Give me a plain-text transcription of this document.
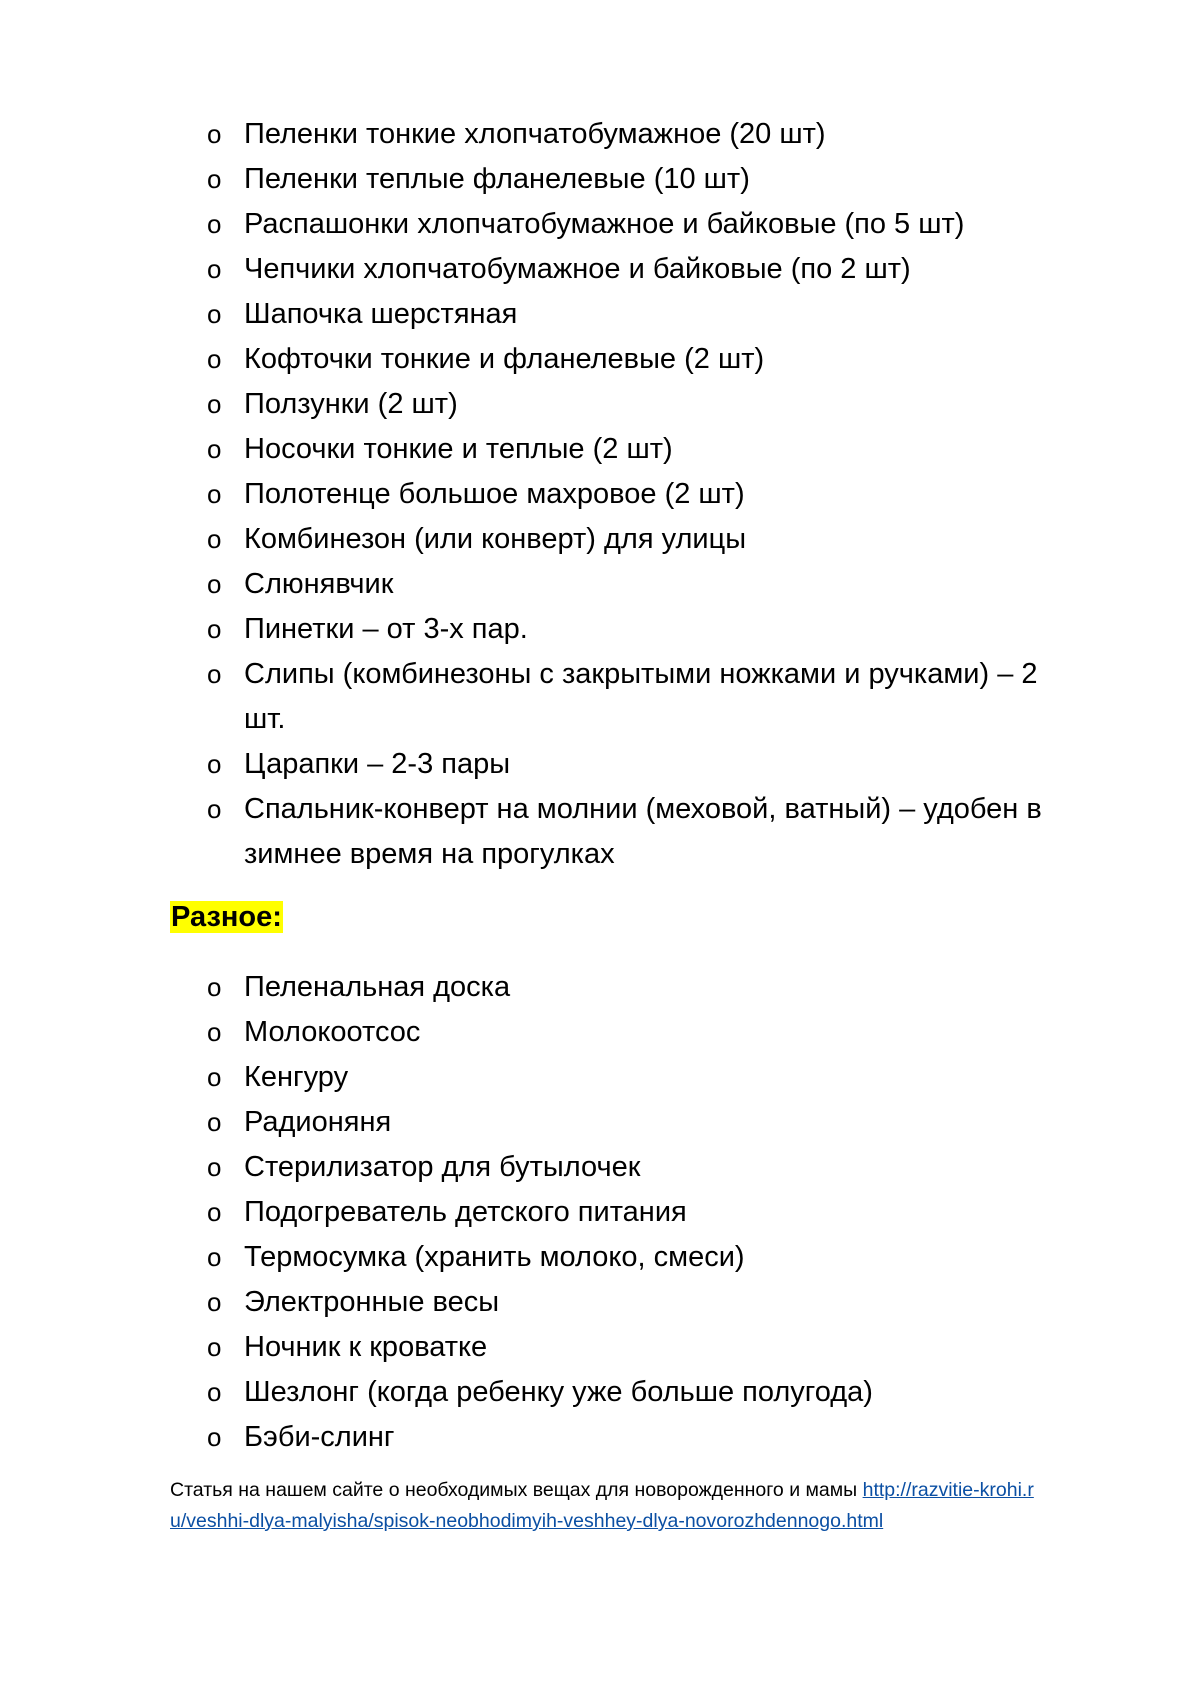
o Пеленки тонкие хлопчатобумажное (20 шт)
o Пеленки теплые фланелевые (10 шт)
o Распашонки хлопчатобумажное и байковые (по 5 шт)
o Чепчики хлопчатобумажное и байковые (по 2 шт)
o Шапочка шерстяная
o Кофточки тонкие и фланелевые (2 шт)
o Ползунки (2 шт)
o Носочки тонкие и теплые (2 шт)
o Полотенце большое махровое (2 шт)
o Комбинезон (или конверт) для улицы
o Слюнявчик
o Пинетки – от 3-х пар.
o Слипы (комбинезоны с закрытыми ножками и ручками) – 2 шт.
o Царапки – 2-3 пары
o Спальник-конверт на молнии (меховой, ватный) – удобен в зимнее время на прогулках
Разное:
o Пеленальная доска
o Молокоотсос
o Кенгуру
o Радионяня
o Стерилизатор для бутылочек
o Подогреватель детского питания
o Термосумка (хранить молоко, смеси)
o Электронные весы
o Ночник к кроватке
o Шезлонг (когда ребенку уже больше полугода)
o Бэби-слинг

Статья на нашем сайте о необходимых вещах для новорожденного и мамы http://razvitie-krohi.ru/veshhi-dlya-malyisha/spisok-neobhodimyih-veshhey-dlya-novorozhdennogo.html
